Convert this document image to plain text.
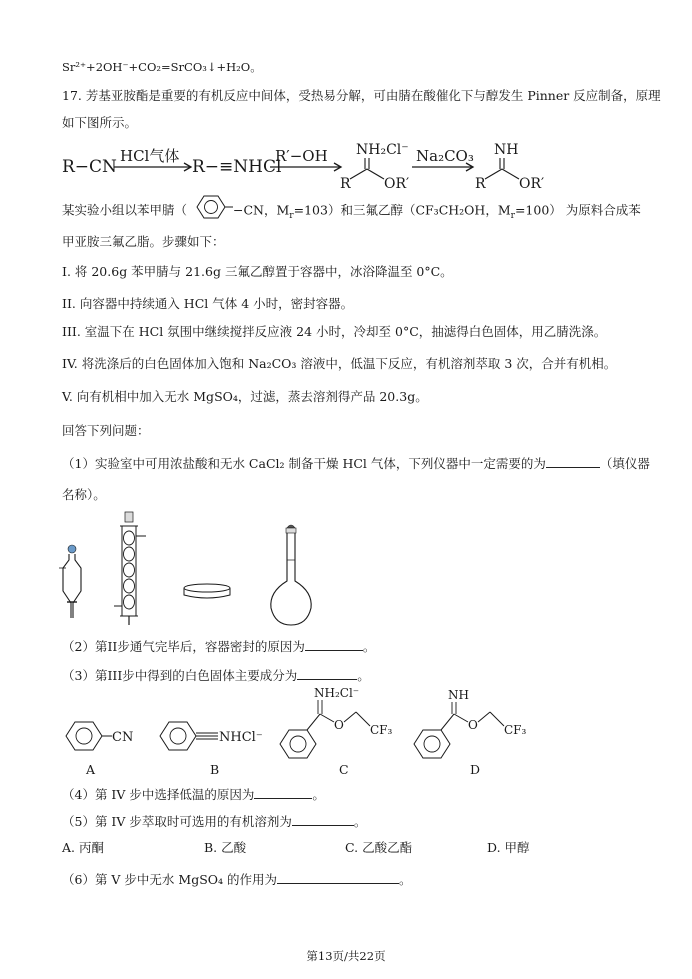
Sr²⁺+2OH⁻+CO₂=SrCO₃↓+H₂O。
17. 芳基亚胺酯是重要的有机反应中间体，受热易分解，可由腈在酸催化下与醇发生 Pinner 反应制备，原理
如下图所示。
R−CN
HCl气体
R−≡NHCl
R′−OH NH₂Cl⁻
R OR′
Na₂CO₃ NH
R OR′
某实验小组以苯甲腈（	−CN，$M_r=103$）和三氟乙醇（CF₃CH₂OH，$M_r=100$） 为原料合成苯
甲亚胺三氟乙脂。步骤如下：
I. 将 20.6g 苯甲腈与 21.6g 三氟乙醇置于容器中，冰浴降温至 0°C。
II. 向容器中持续通入 HCl 气体 4 小时，密封容器。
III. 室温下在 HCl 氛围中继续搅拌反应液 24 小时，冷却至 0°C，抽滤得白色固体，用乙腈洗涤。
IV. 将洗涤后的白色固体加入饱和 Na₂CO₃ 溶液中，低温下反应，有机溶剂萃取 3 次，合并有机相。
V. 向有机相中加入无水 MgSO₄，过滤，蒸去溶剂得产品 20.3g。
回答下列问题：
（1）实验室中可用浓盐酸和无水 CaCl₂ 制备干燥 HCl 气体，下列仪器中一定需要的为	（填仪器
名称）。
（2）第II步通气完毕后，容器密封的原因为	。
（3）第III步中得到的白色固体主要成分为	。
CN	NHCl⁻
NH₂Cl⁻
O CF₃
NH
O CF₃
A	B	C	D
（4）第 IV 步中选择低温的原因为	。
（5）第 IV 步萃取时可选用的有机溶剂为	。
A. 丙酮	B. 乙酸	C. 乙酸乙酯	D. 甲醇
（6）第 V 步中无水 MgSO₄ 的作用为	。
第13页/共22页
